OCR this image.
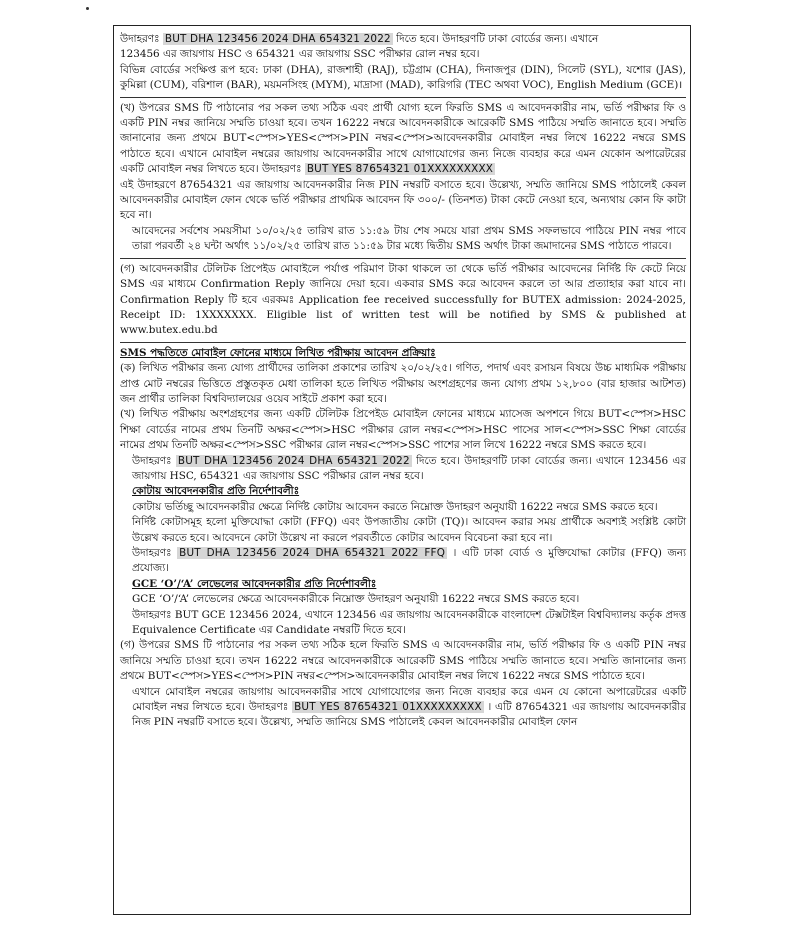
উদাহরণঃ BUT DHA 123456 2024 DHA 654321 2022 দিতে হবে। উদাহরণটি ঢাকা বোর্ডের জন্য। এখানে
123456 এর জায়গায় HSC ও 654321 এর জায়গায় SSC পরীক্ষার রোল নম্বর হবে।

বিভিন্ন বোর্ডের সংক্ষিপ্ত রূপ হবে: ঢাকা (DHA), রাজশাহী (RAJ), চট্টগ্রাম (CHA), দিনাজপুর (DIN), সিলেট (SYL), যশোর (JAS), কুমিল্লা (CUM), বরিশাল (BAR), ময়মনসিংহ (MYM), মাদ্রাসা (MAD), কারিগরি (TEC অথবা VOC), English Medium (GCE)।

(খ) উপরের SMS টি পাঠানোর পর সকল তথ্য সঠিক এবং প্রার্থী যোগ্য হলে ফিরতি SMS এ আবেদনকারীর নাম, ভর্তি পরীক্ষার ফি ও একটি PIN নম্বর জানিয়ে সম্মতি চাওয়া হবে। তখন 16222 নম্বরে আবেদনকারীকে আরেকটি SMS পাঠিয়ে সম্মতি জানাতে হবে। সম্মতি জানানোর জন্য প্রথমে BUT<স্পেস>YES<স্পেস>PIN নম্বর<স্পেস>আবেদনকারীর মোবাইল নম্বর লিখে 16222 নম্বরে SMS পাঠাতে হবে। এখানে মোবাইল নম্বরের জায়গায় আবেদনকারীর সাথে যোগাযোগের জন্য নিজে ব্যবহার করে এমন যেকোন অপারেটরের একটি মোবাইল নম্বর লিখতে হবে। উদাহরণঃ BUT YES 87654321 01XXXXXXXXX

এই উদাহরণে 87654321 এর জায়গায় আবেদনকারীর নিজ PIN নম্বরটি বসাতে হবে। উল্লেখ্য, সম্মতি জানিয়ে SMS পাঠালেই কেবল আবেদনকারীর মোবাইল ফোন থেকে ভর্তি পরীক্ষার প্রাথমিক আবেদন ফি ৩০০/- (তিনশত) টাকা কেটে নেওয়া হবে, অন্যথায় কোন ফি কাটা হবে না।

আবেদনের সর্বশেষ সময়সীমা ১০/০২/২৫ তারিখ রাত ১১:৫৯ টায় শেষ সময়ে যারা প্রথম SMS সফলভাবে পাঠিয়ে PIN নম্বর পাবে তারা পরবর্তী ২৪ ঘন্টা অর্থাৎ ১১/০২/২৫ তারিখ রাত ১১:৫৯ টার মধ্যে দ্বিতীয় SMS অর্থাৎ টাকা জমাদানের SMS পাঠাতে পারবে।

(গ) আবেদনকারীর টেলিটক প্রিপেইড মোবাইলে পর্যাপ্ত পরিমাণ টাকা থাকলে তা থেকে ভর্তি পরীক্ষার আবেদনের নির্দিষ্ট ফি কেটে নিয়ে SMS এর মাধ্যমে Confirmation Reply জানিয়ে দেয়া হবে। একবার SMS করে আবেদন করলে তা আর প্রত্যাহার করা যাবে না। Confirmation Reply টি হবে এরকমঃ Application fee received successfully for BUTEX admission: 2024-2025, Receipt ID: 1XXXXXXX. Eligible list of written test will be notified by SMS & published at www.butex.edu.bd

SMS পদ্ধতিতে মোবাইল ফোনের মাধ্যমে লিখিত পরীক্ষায় আবেদন প্রক্রিয়াঃ

(ক) লিখিত পরীক্ষার জন্য যোগ্য প্রার্থীদের তালিকা প্রকাশের তারিখ ২০/০২/২৫। গণিত, পদার্থ এবং রসায়ন বিষয়ে উচ্চ মাধ্যমিক পরীক্ষায় প্রাপ্ত মোট নম্বরের ভিত্তিতে প্রস্তুতকৃত মেধা তালিকা হতে লিখিত পরীক্ষায় অংশগ্রহণের জন্য যোগ্য প্রথম ১২,৮০০ (বার হাজার আটশত) জন প্রার্থীর তালিকা বিশ্ববিদ্যালয়ের ওয়েব সাইটে প্রকাশ করা হবে।

(খ) লিখিত পরীক্ষায় অংশগ্রহণের জন্য একটি টেলিটক প্রিপেইড মোবাইল ফোনের মাধ্যমে ম্যাসেজ অপশনে গিয়ে BUT<স্পেস>HSC শিক্ষা বোর্ডের নামের প্রথম তিনটি অক্ষর<স্পেস>HSC পরীক্ষার রোল নম্বর<স্পেস>HSC পাসের সাল<স্পেস>SSC শিক্ষা বোর্ডের নামের প্রথম তিনটি অক্ষর<স্পেস>SSC পরীক্ষার রোল নম্বর<স্পেস>SSC পাশের সাল লিখে 16222 নম্বরে SMS করতে হবে।

উদাহরণঃ BUT DHA 123456 2024 DHA 654321 2022 দিতে হবে। উদাহরণটি ঢাকা বোর্ডের জন্য। এখানে 123456 এর জায়গায় HSC, 654321 এর জায়গায় SSC পরীক্ষার রোল নম্বর হবে।

কোটায় আবেদনকারীর প্রতি নির্দেশাবলীঃ

কোটায় ভর্তিচ্ছু আবেদনকারীর ক্ষেত্রে নির্দিষ্ট কোটায় আবেদন করতে নিম্নোক্ত উদাহরণ অনুযায়ী 16222 নম্বরে SMS করতে হবে।

নির্দিষ্ট কোটাসমূহ হলো মুক্তিযোদ্ধা কোটা (FFQ) এবং উপজাতীয় কোটা (TQ)। আবেদন করার সময় প্রার্থীকে অবশ্যই সংশ্লিষ্ট কোটা উল্লেখ করতে হবে। আবেদনে কোটা উল্লেখ না করলে পরবর্তীতে কোটার আবেদন বিবেচনা করা হবে না।

উদাহরণঃ BUT DHA 123456 2024 DHA 654321 2022 FFQ । এটি ঢাকা বোর্ড ও মুক্তিযোদ্ধা কোটার (FFQ) জন্য প্রযোজ্য।

GCE ‘O’/‘A’ লেভেলের আবেদনকারীর প্রতি নির্দেশাবলীঃ

GCE ‘O’/‘A’ লেভেলের ক্ষেত্রে আবেদনকারীকে নিম্নোক্ত উদাহরণ অনুযায়ী 16222 নম্বরে SMS করতে হবে।

উদাহরণঃ BUT GCE 123456 2024, এখানে 123456 এর জায়গায় আবেদনকারীকে বাংলাদেশ টেক্সটাইল বিশ্ববিদ্যালয় কর্তৃক প্রদত্ত Equivalence Certificate এর Candidate নম্বরটি দিতে হবে।

(গ) উপরের SMS টি পাঠানোর পর সকল তথ্য সঠিক হলে ফিরতি SMS এ আবেদনকারীর নাম, ভর্তি পরীক্ষার ফি ও একটি PIN নম্বর জানিয়ে সম্মতি চাওয়া হবে। তখন 16222 নম্বরে আবেদনকারীকে আরেকটি SMS পাঠিয়ে সম্মতি জানাতে হবে। সম্মতি জানানোর জন্য প্রথমে BUT<স্পেস>YES<স্পেস>PIN নম্বর<স্পেস>আবেদনকারীর মোবাইল নম্বর লিখে 16222 নম্বরে SMS পাঠাতে হবে।

এখানে মোবাইল নম্বরের জায়গায় আবেদনকারীর সাথে যোগাযোগের জন্য নিজে ব্যবহার করে এমন যে কোনো অপারেটরের একটি মোবাইল নম্বর লিখতে হবে। উদাহরণঃ BUT YES 87654321 01XXXXXXXXX । এটি 87654321 এর জায়গায় আবেদনকারীর নিজ PIN নম্বরটি বসাতে হবে। উল্লেখ্য, সম্মতি জানিয়ে SMS পাঠালেই কেবল আবেদনকারীর মোবাইল ফোন
